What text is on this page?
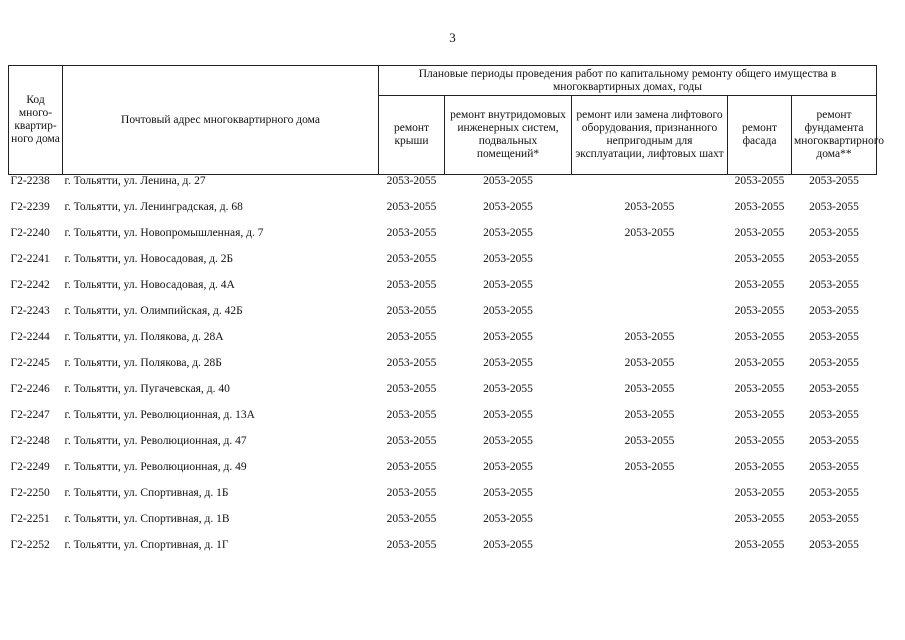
3
Код много-квартир-ного дома	Почтовый адрес многоквартирного дома	Плановые периоды проведения работ по капитальному ремонту общего имущества в многоквартирных домах, годы				
		ремонт крыши	ремонт внутридомовых инженерных систем, подвальных помещений*	ремонт или замена лифтового оборудования, признанного непригодным для эксплуатации, лифтовых шахт	ремонт фасада	ремонт фундамента многоквартирного дома**
Г2-2238	г. Тольятти, ул. Ленина, д. 27	2053-2055	2053-2055		2053-2055	2053-2055
Г2-2239	г. Тольятти, ул. Ленинградская, д. 68	2053-2055	2053-2055	2053-2055	2053-2055	2053-2055
Г2-2240	г. Тольятти, ул. Новопромышленная, д. 7	2053-2055	2053-2055	2053-2055	2053-2055	2053-2055
Г2-2241	г. Тольятти, ул. Новосадовая, д. 2Б	2053-2055	2053-2055		2053-2055	2053-2055
Г2-2242	г. Тольятти, ул. Новосадовая, д. 4А	2053-2055	2053-2055		2053-2055	2053-2055
Г2-2243	г. Тольятти, ул. Олимпийская, д. 42Б	2053-2055	2053-2055		2053-2055	2053-2055
Г2-2244	г. Тольятти, ул. Полякова, д. 28А	2053-2055	2053-2055	2053-2055	2053-2055	2053-2055
Г2-2245	г. Тольятти, ул. Полякова, д. 28Б	2053-2055	2053-2055	2053-2055	2053-2055	2053-2055
Г2-2246	г. Тольятти, ул. Пугачевская, д. 40	2053-2055	2053-2055	2053-2055	2053-2055	2053-2055
Г2-2247	г. Тольятти, ул. Революционная, д. 13А	2053-2055	2053-2055	2053-2055	2053-2055	2053-2055
Г2-2248	г. Тольятти, ул. Революционная, д. 47	2053-2055	2053-2055	2053-2055	2053-2055	2053-2055
Г2-2249	г. Тольятти, ул. Революционная, д. 49	2053-2055	2053-2055	2053-2055	2053-2055	2053-2055
Г2-2250	г. Тольятти, ул. Спортивная, д. 1Б	2053-2055	2053-2055		2053-2055	2053-2055
Г2-2251	г. Тольятти, ул. Спортивная, д. 1В	2053-2055	2053-2055		2053-2055	2053-2055
Г2-2252	г. Тольятти, ул. Спортивная, д. 1Г	2053-2055	2053-2055		2053-2055	2053-2055
